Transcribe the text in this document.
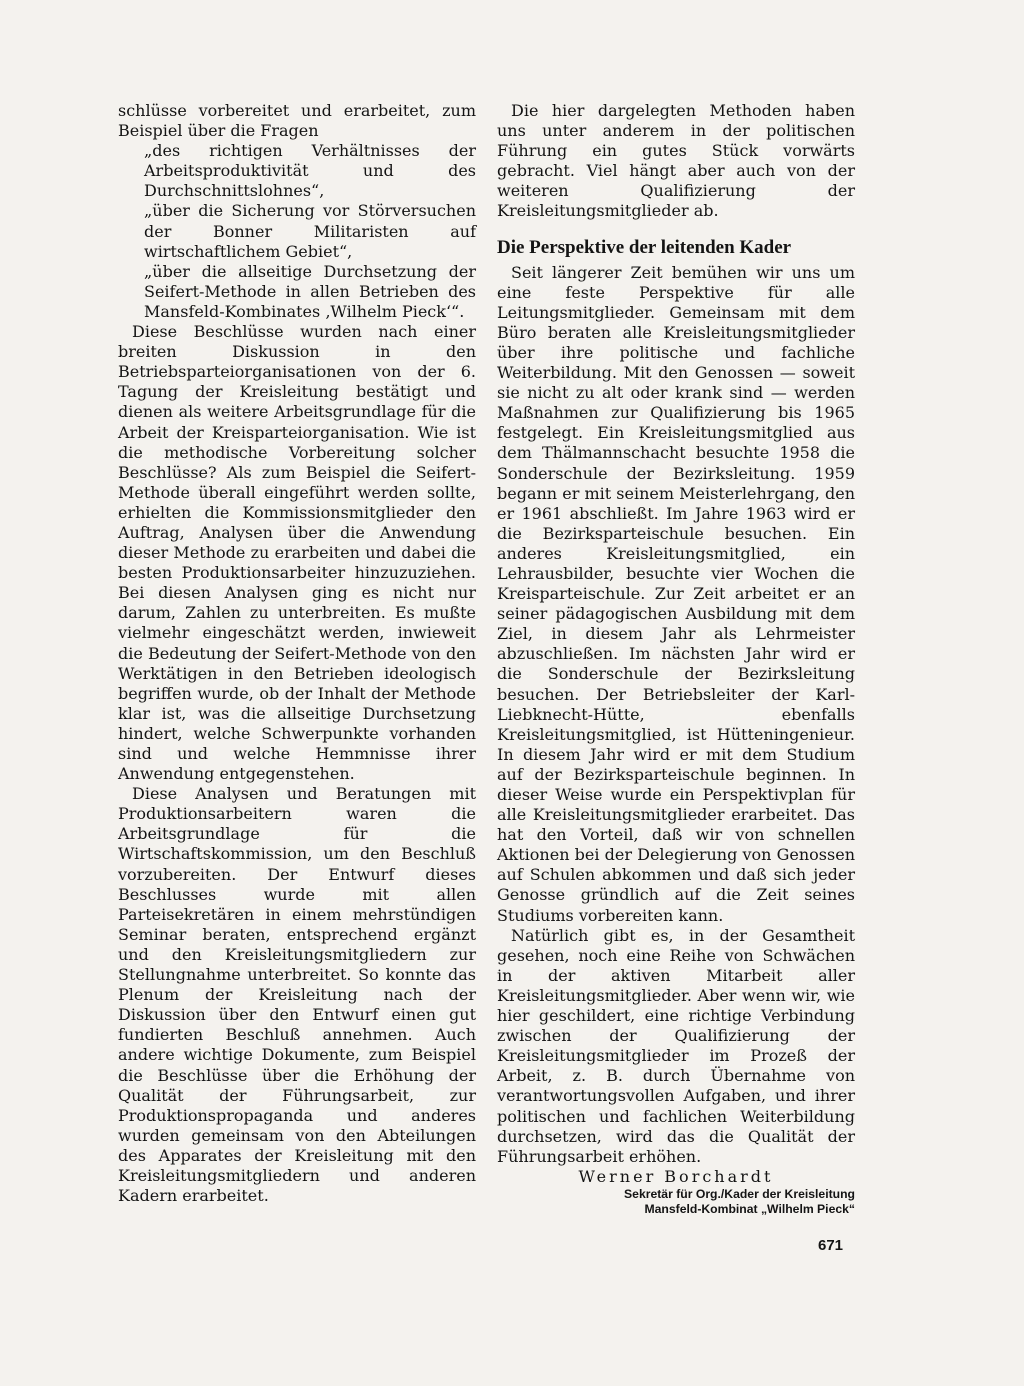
schlüsse vorbereitet und erarbeitet, zum Beispiel über die Fragen

„des richtigen Verhältnisses der Arbeitsproduktivität und des Durchschnittslohnes“,

„über die Sicherung vor Störversuchen der Bonner Militaristen auf wirtschaftlichem Gebiet“,

„über die allseitige Durchsetzung der Seifert-Methode in allen Betrieben des Mansfeld-Kombinates ‚Wilhelm Pieck‘“.

Diese Beschlüsse wurden nach einer breiten Diskussion in den Betriebsparteiorganisationen von der 6. Tagung der Kreisleitung bestätigt und dienen als weitere Arbeitsgrundlage für die Arbeit der Kreisparteiorganisation. Wie ist die methodische Vorbereitung solcher Beschlüsse? Als zum Beispiel die Seifert-Methode überall eingeführt werden sollte, erhielten die Kommissionsmitglieder den Auftrag, Analysen über die Anwendung dieser Methode zu erarbeiten und dabei die besten Produktionsarbeiter hinzuzuziehen. Bei diesen Analysen ging es nicht nur darum, Zahlen zu unterbreiten. Es mußte vielmehr eingeschätzt werden, inwieweit die Bedeutung der Seifert-Methode von den Werktätigen in den Betrieben ideologisch begriffen wurde, ob der Inhalt der Methode klar ist, was die allseitige Durchsetzung hindert, welche Schwerpunkte vorhanden sind und welche Hemmnisse ihrer Anwendung entgegenstehen.

Diese Analysen und Beratungen mit Produktionsarbeitern waren die Arbeitsgrundlage für die Wirtschaftskommission, um den Beschluß vorzubereiten. Der Entwurf dieses Beschlusses wurde mit allen Parteisekretären in einem mehrstündigen Seminar beraten, entsprechend ergänzt und den Kreisleitungsmitgliedern zur Stellungnahme unterbreitet. So konnte das Plenum der Kreisleitung nach der Diskussion über den Entwurf einen gut fundierten Beschluß annehmen. Auch andere wichtige Dokumente, zum Beispiel die Beschlüsse über die Erhöhung der Qualität der Führungsarbeit, zur Produktionspropaganda und anderes wurden gemeinsam von den Abteilungen des Apparates der Kreisleitung mit den Kreisleitungsmitgliedern und anderen Kadern erarbeitet.

Die hier dargelegten Methoden haben uns unter anderem in der politischen Führung ein gutes Stück vorwärts gebracht. Viel hängt aber auch von der weiteren Qualifizierung der Kreisleitungsmitglieder ab.

Die Perspektive der leitenden Kader

Seit längerer Zeit bemühen wir uns um eine feste Perspektive für alle Leitungsmitglieder. Gemeinsam mit dem Büro beraten alle Kreisleitungsmitglieder über ihre politische und fachliche Weiterbildung. Mit den Genossen — soweit sie nicht zu alt oder krank sind — werden Maßnahmen zur Qualifizierung bis 1965 festgelegt. Ein Kreisleitungsmitglied aus dem Thälmannschacht besuchte 1958 die Sonderschule der Bezirksleitung. 1959 begann er mit seinem Meisterlehrgang, den er 1961 abschließt. Im Jahre 1963 wird er die Bezirksparteischule besuchen. Ein anderes Kreisleitungsmitglied, ein Lehrausbilder, besuchte vier Wochen die Kreisparteischule. Zur Zeit arbeitet er an seiner pädagogischen Ausbildung mit dem Ziel, in diesem Jahr als Lehrmeister abzuschließen. Im nächsten Jahr wird er die Sonderschule der Bezirksleitung besuchen. Der Betriebsleiter der Karl-Liebknecht-Hütte, ebenfalls Kreisleitungsmitglied, ist Hütteningenieur. In diesem Jahr wird er mit dem Studium auf der Bezirksparteischule beginnen. In dieser Weise wurde ein Perspektivplan für alle Kreisleitungsmitglieder erarbeitet. Das hat den Vorteil, daß wir von schnellen Aktionen bei der Delegierung von Genossen auf Schulen abkommen und daß sich jeder Genosse gründlich auf die Zeit seines Studiums vorbereiten kann.

Natürlich gibt es, in der Gesamtheit gesehen, noch eine Reihe von Schwächen in der aktiven Mitarbeit aller Kreisleitungsmitglieder. Aber wenn wir, wie hier geschildert, eine richtige Verbindung zwischen der Qualifizierung der Kreisleitungsmitglieder im Prozeß der Arbeit, z. B. durch Übernahme von verantwortungsvollen Aufgaben, und ihrer politischen und fachlichen Weiterbildung durchsetzen, wird das die Qualität der Führungsarbeit erhöhen.

Werner Borchardt

Sekretär für Org./Kader der Kreisleitung

Mansfeld-Kombinat „Wilhelm Pieck“

671
